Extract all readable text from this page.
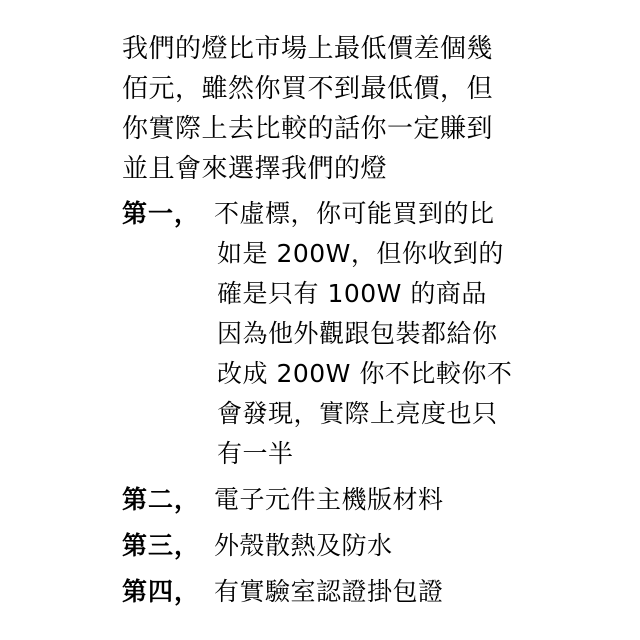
我們的燈比市場上最低價差個幾
佰元，雖然你買不到最低價，但
你實際上去比較的話你一定賺到
並且會來選擇我們的燈
第一， 不虛標，你可能買到的比
如是 200W，但你收到的
確是只有 100W 的商品
因為他外觀跟包裝都給你
改成 200W 你不比較你不
會發現，實際上亮度也只
有一半
第二， 電子元件主機版材料
第三， 外殼散熱及防水
第四， 有實驗室認證掛包證
